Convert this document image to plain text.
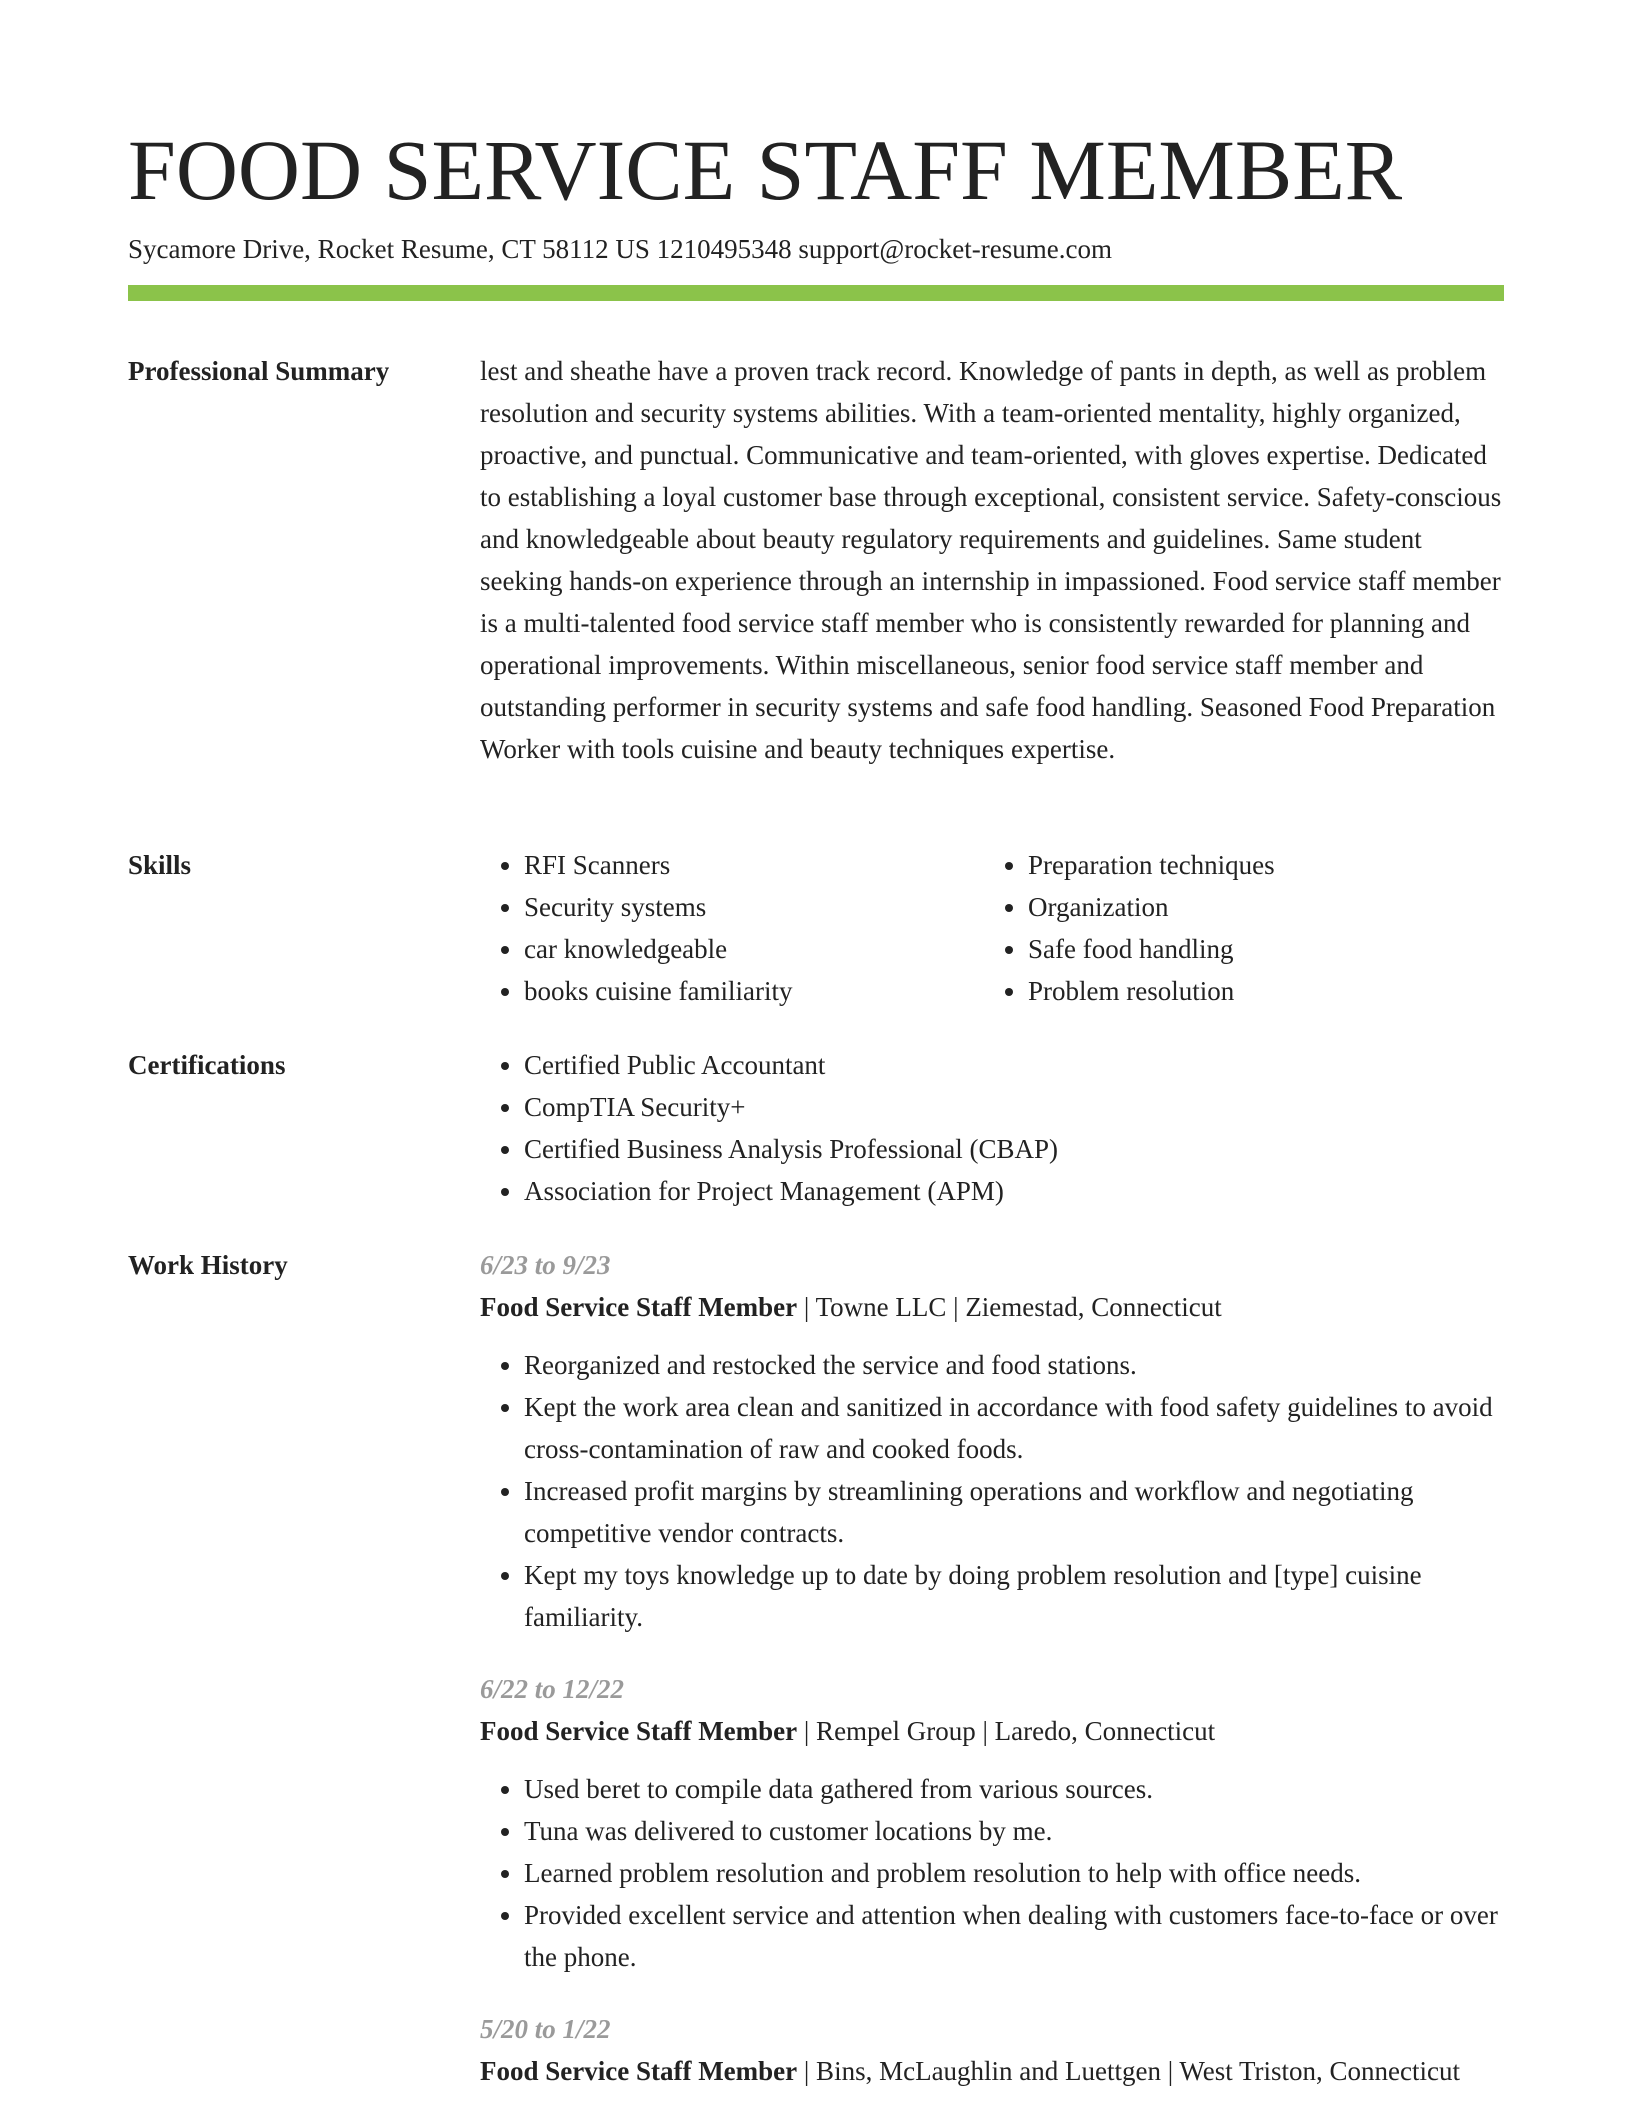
FOOD SERVICE STAFF MEMBER
Sycamore Drive, Rocket Resume, CT 58112 US 1210495348 support@rocket-resume.com
Professional Summary	lest and sheathe have a proven track record. Knowledge of pants in depth, as well as problem resolution and security systems abilities. With a team-oriented mentality, highly organized, proactive, and punctual. Communicative and team-oriented, with gloves expertise. Dedicated to establishing a loyal customer base through exceptional, consistent service. Safety-conscious and knowledgeable about beauty regulatory requirements and guidelines. Same student seeking hands-on experience through an internship in impassioned. Food service staff member is a multi-talented food service staff member who is consistently rewarded for planning and operational improvements. Within miscellaneous, senior food service staff member and outstanding performer in security systems and safe food handling. Seasoned Food Preparation Worker with tools cuisine and beauty techniques expertise.

Skills	• RFI Scanners
• Security systems
• car knowledgeable
• books cuisine familiarity
• Preparation techniques
• Organization
• Safe food handling
• Problem resolution
Certifications	• Certified Public Accountant
• CompTIA Security+
• Certified Business Analysis Professional (CBAP)
• Association for Project Management (APM)
Work History	6/23 to 9/23
Food Service Staff Member | Towne LLC | Ziemestad, Connecticut
• Reorganized and restocked the service and food stations.
• Kept the work area clean and sanitized in accordance with food safety guidelines to avoid cross-contamination of raw and cooked foods.
• Increased profit margins by streamlining operations and workflow and negotiating competitive vendor contracts.
• Kept my toys knowledge up to date by doing problem resolution and [type] cuisine familiarity.
6/22 to 12/22
Food Service Staff Member | Rempel Group | Laredo, Connecticut
• Used beret to compile data gathered from various sources.
• Tuna was delivered to customer locations by me.
• Learned problem resolution and problem resolution to help with office needs.
• Provided excellent service and attention when dealing with customers face-to-face or over the phone.
5/20 to 1/22
Food Service Staff Member | Bins, McLaughlin and Luettgen | West Triston, Connecticut
